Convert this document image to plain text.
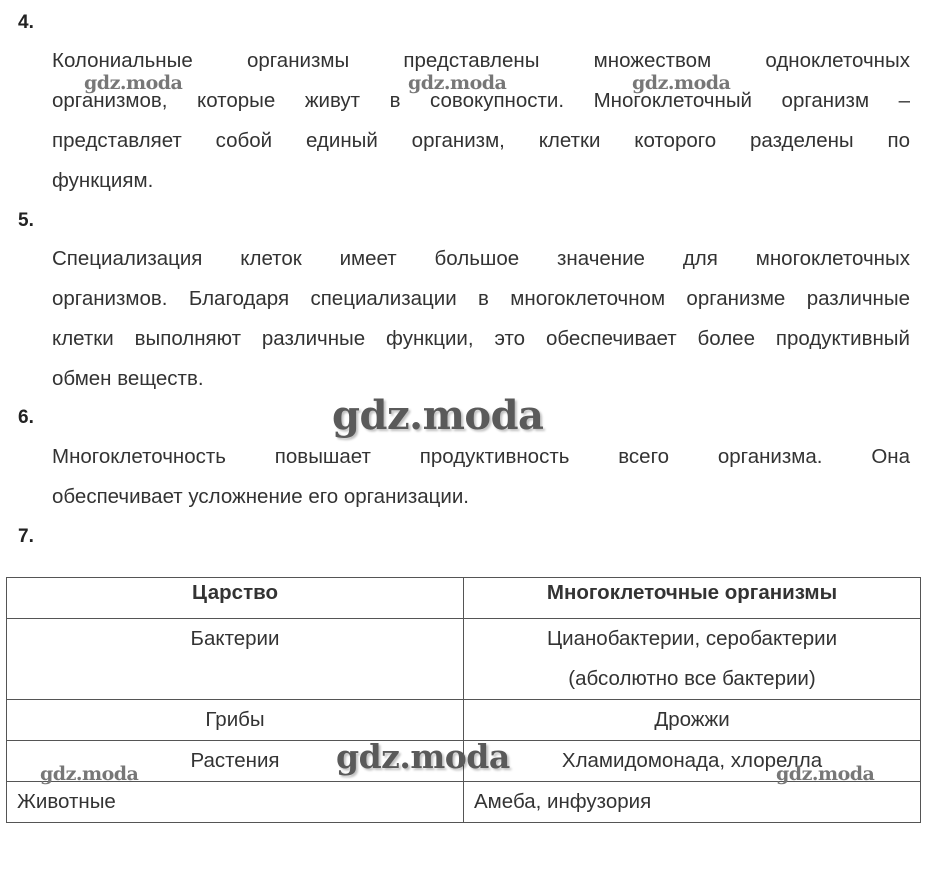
4.
Колониальные организмы представлены множеством одноклеточных
организмов, которые живут в совокупности. Многоклеточный организм –
представляет собой единый организм, клетки которого разделены по
функциям.
5.
Специализация клеток имеет большое значение для многоклеточных
организмов. Благодаря специализации в многоклеточном организме различные
клетки выполняют различные функции, это обеспечивает более продуктивный
обмен веществ.
6.
Многоклеточность повышает продуктивность всего организма. Она
обеспечивает усложнение его организации.
7.
Царство	Многоклеточные организмы
Бактерии	Цианобактерии, серобактерии
(абсолютно все бактерии)

Грибы	Дрожжи
Растения	Хламидомонада, хлорелла
Животные	Амеба, инфузория
gdz.moda	gdz.moda	gdz.moda
gdz.moda
gdz.moda
gdz.moda	gdz.moda
